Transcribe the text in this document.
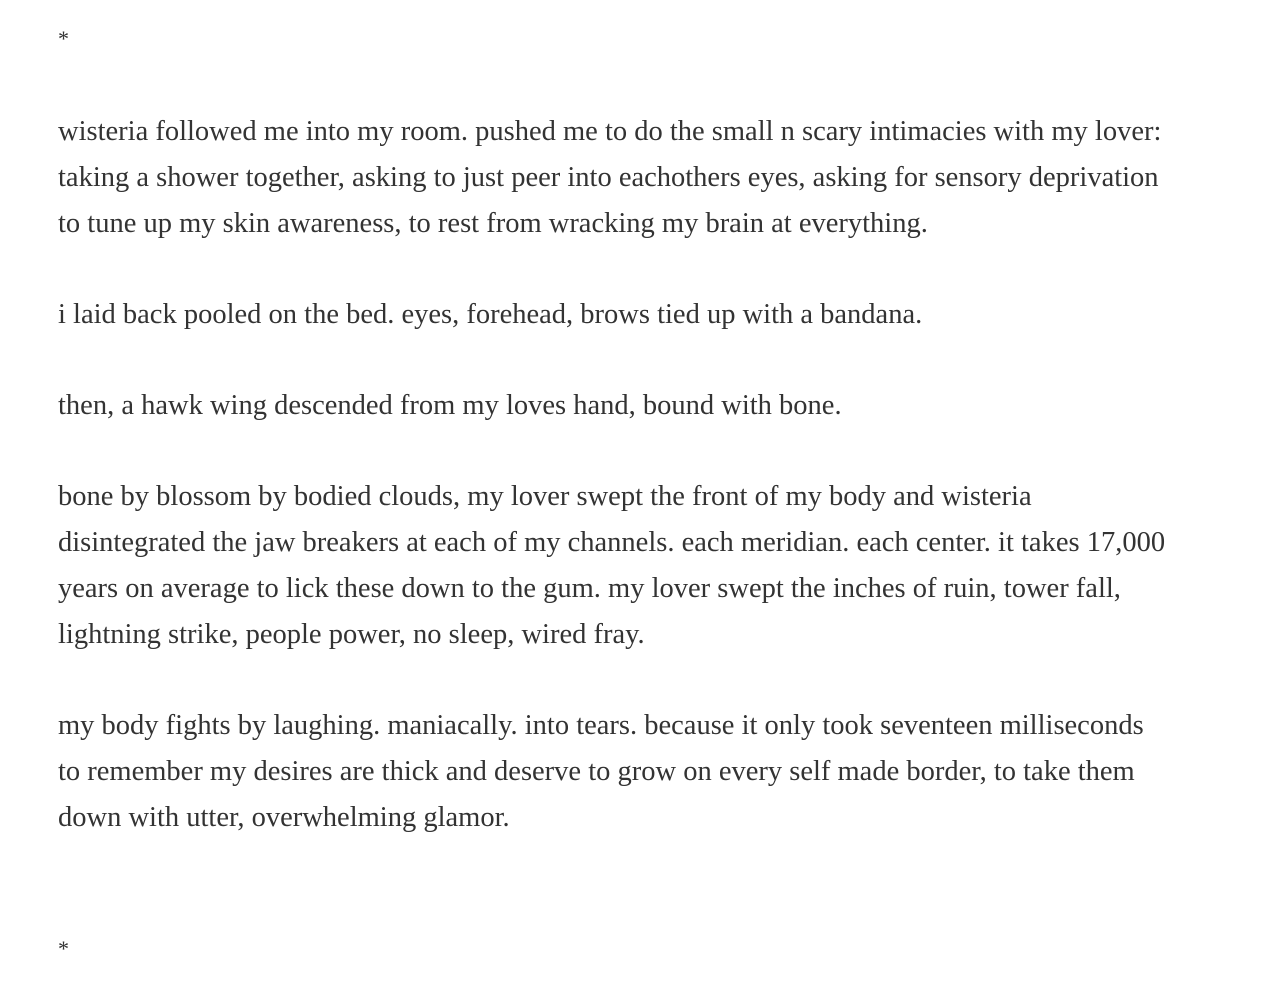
*

wisteria followed me into my room. pushed me to do the small n scary intimacies with my lover: taking a shower together, asking to just peer into eachothers eyes, asking for sensory deprivation to tune up my skin awareness, to rest from wracking my brain at everything.

i laid back pooled on the bed. eyes, forehead, brows tied up with a bandana.

then, a hawk wing descended from my loves hand, bound with bone.

bone by blossom by bodied clouds, my lover swept the front of my body and wisteria disintegrated the jaw breakers at each of my channels. each meridian. each center. it takes 17,000 years on average to lick these down to the gum. my lover swept the inches of ruin, tower fall, lightning strike, people power, no sleep, wired fray.

my body fights by laughing. maniacally. into tears. because it only took seventeen milliseconds to remember my desires are thick and deserve to grow on every self made border, to take them down with utter, overwhelming glamor.

*
